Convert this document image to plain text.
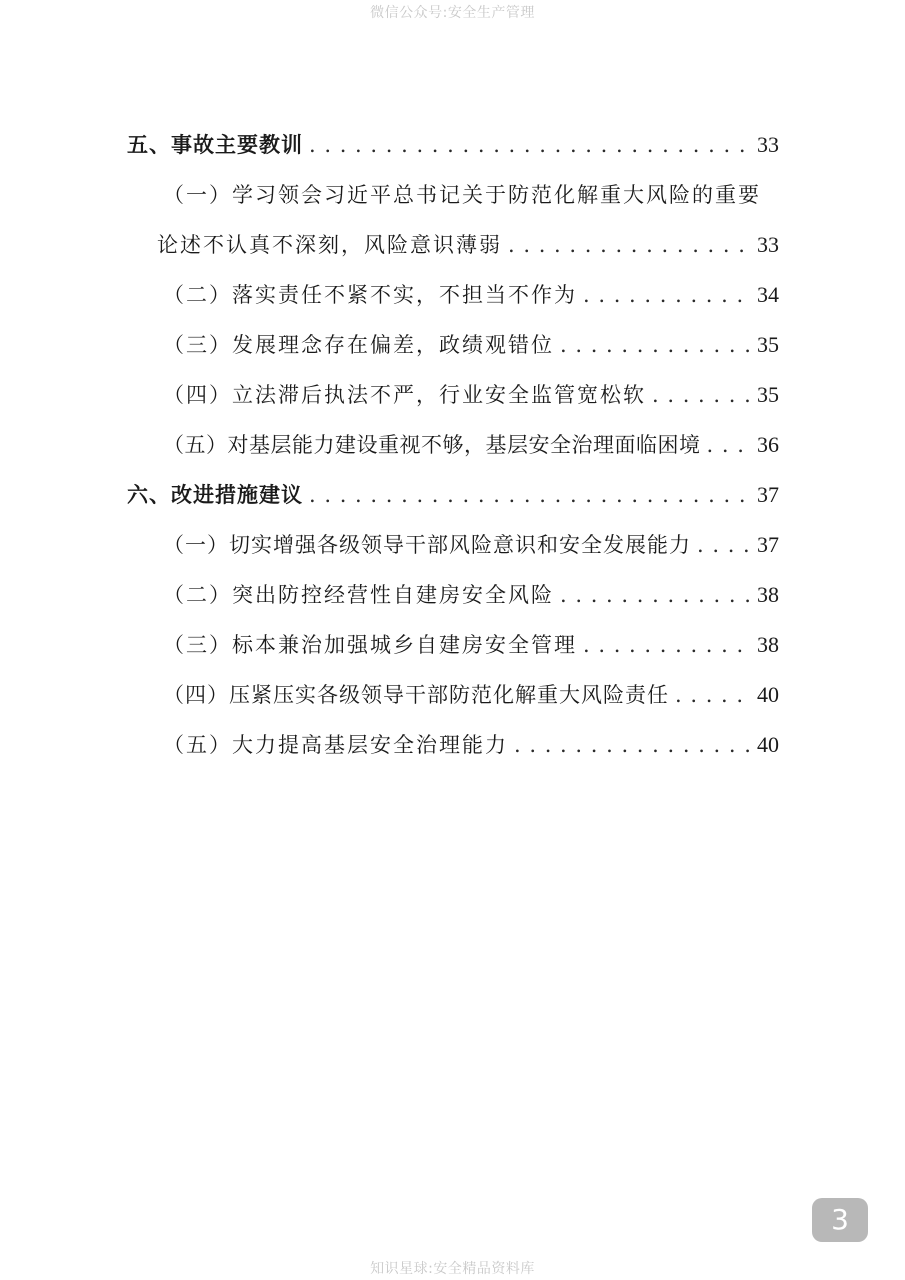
微信公众号:安全生产管理
五、事故主要教训 . . .	33
（一）学习领会习近平总书记关于防范化解重大风险的重要
论述不认真不深刻，风险意识薄弱 . . .	33
（二）落实责任不紧不实，不担当不作为 . . .	34
（三）发展理念存在偏差，政绩观错位 . . .	35
（四）立法滞后执法不严，行业安全监管宽松软 . . .	35
（五）对基层能力建设重视不够，基层安全治理面临困境 . . .	36
六、改进措施建议 . . .	37
（一）切实增强各级领导干部风险意识和安全发展能力 . . .	37
（二）突出防控经营性自建房安全风险 . . .	38
（三）标本兼治加强城乡自建房安全管理 . . .	38
（四）压紧压实各级领导干部防范化解重大风险责任 . . .	40
（五）大力提高基层安全治理能力 . . .	40
3
知识星球:安全精品资料库
